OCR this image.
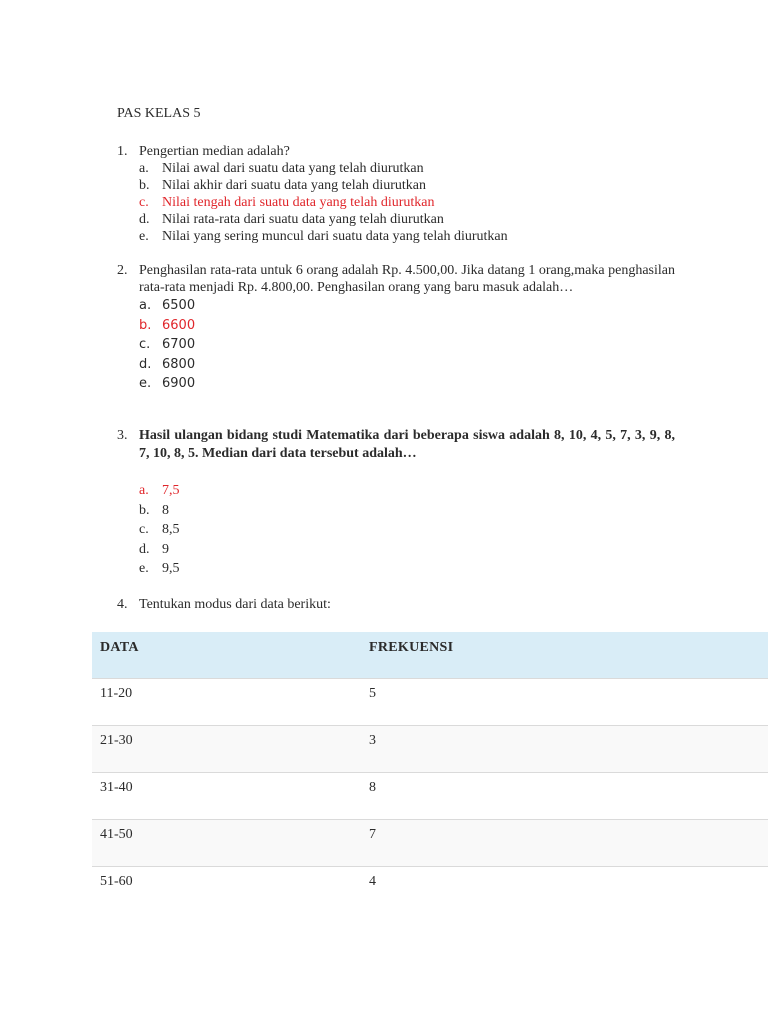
PAS KELAS 5
1. Pengertian median adalah?
a. Nilai awal dari suatu data yang telah diurutkan
b. Nilai akhir dari suatu data yang telah diurutkan
c. Nilai tengah dari suatu data yang telah diurutkan
d. Nilai rata-rata dari suatu data yang telah diurutkan
e. Nilai yang sering muncul dari suatu data yang telah diurutkan
2. Penghasilan rata-rata untuk 6 orang adalah Rp. 4.500,00. Jika datang 1 orang,maka penghasilan rata-rata menjadi Rp. 4.800,00. Penghasilan orang yang baru masuk adalah…
a. 6500
b. 6600
c. 6700
d. 6800
e. 6900
3. Hasil ulangan bidang studi Matematika dari beberapa siswa adalah 8, 10, 4, 5, 7, 3, 9, 8, 7, 10, 8, 5. Median dari data tersebut adalah…
a. 7,5
b. 8
c. 8,5
d. 9
e. 9,5
4. Tentukan modus dari data berikut:
DATA	FREKUENSI
11-20	5
21-30	3
31-40	8
41-50	7
51-60	4
